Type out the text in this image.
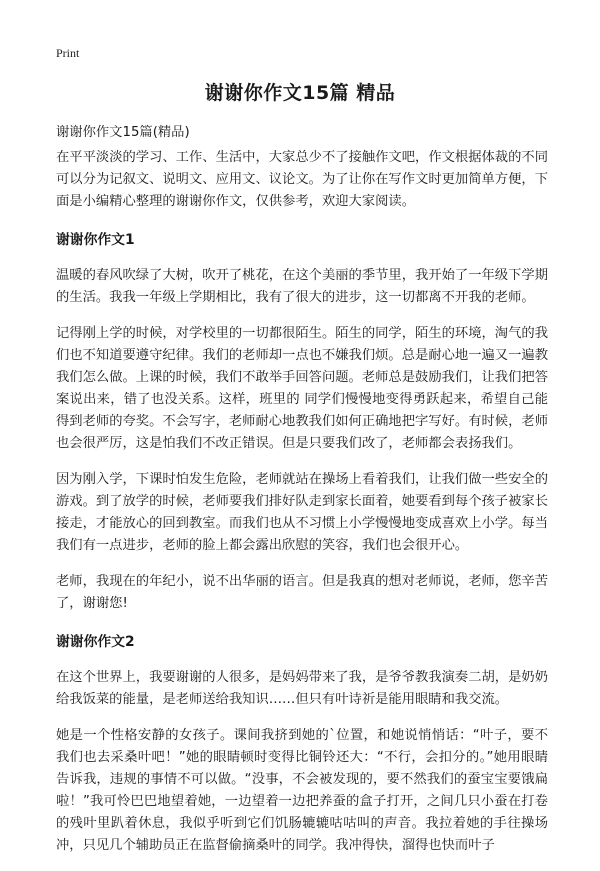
Print
谢谢你作文15篇 精品

谢谢你作文15篇(精品)

在平平淡淡的学习、工作、生活中，大家总少不了接触作文吧，作文根据体裁的不同可以分为记叙文、说明文、应用文、议论文。为了让你在写作文时更加简单方便，下面是小编精心整理的谢谢你作文，仅供参考，欢迎大家阅读。

谢谢你作文1

温暖的春风吹绿了大树，吹开了桃花，在这个美丽的季节里，我开始了一年级下学期的生活。我我一年级上学期相比，我有了很大的进步，这一切都离不开我的老师。

记得刚上学的时候，对学校里的一切都很陌生。陌生的同学，陌生的环境，淘气的我们也不知道要遵守纪律。我们的老师却一点也不嫌我们烦。总是耐心地一遍又一遍教我们怎么做。上课的时候，我们不敢举手回答问题。老师总是鼓励我们，让我们把答案说出来，错了也没关系。这样，班里的 同学们慢慢地变得勇跃起来，希望自己能得到老师的夸奖。不会写字，老师耐心地教我们如何正确地把字写好。有时候，老师也会很严厉，这是怕我们不改正错误。但是只要我们改了，老师都会表扬我们。

因为刚入学，下课时怕发生危险，老师就站在操场上看着我们，让我们做一些安全的游戏。到了放学的时候，老师要我们排好队走到家长面着，她要看到每个孩子被家长接走，才能放心的回到教室。而我们也从不习惯上小学慢慢地变成喜欢上小学。每当我们有一点进步，老师的脸上都会露出欣慰的笑容，我们也会很开心。

老师，我现在的年纪小，说不出华丽的语言。但是我真的想对老师说，老师，您辛苦了，谢谢您!

谢谢你作文2

在这个世界上，我要谢谢的人很多，是妈妈带来了我，是爷爷教我演奏二胡，是奶奶给我饭菜的能量，是老师送给我知识……但只有叶诗祈是能用眼睛和我交流。

她是一个性格安静的女孩子。课间我挤到她的`位置，和她说悄悄话：“叶子，要不我们也去采桑叶吧！”她的眼睛顿时变得比铜铃还大：“不行，会扣分的。”她用眼睛告诉我，违规的事情不可以做。“没事，不会被发现的，要不然我们的蚕宝宝要饿扁啦！”我可怜巴巴地望着她，一边望着一边把养蚕的盒子打开，之间几只小蚕在打卷的残叶里趴着休息，我似乎听到它们饥肠辘辘咕咕叫的声音。我拉着她的手往操场冲，只见几个辅助员正在监督偷摘桑叶的同学。我冲得快，溜得也快而叶子
